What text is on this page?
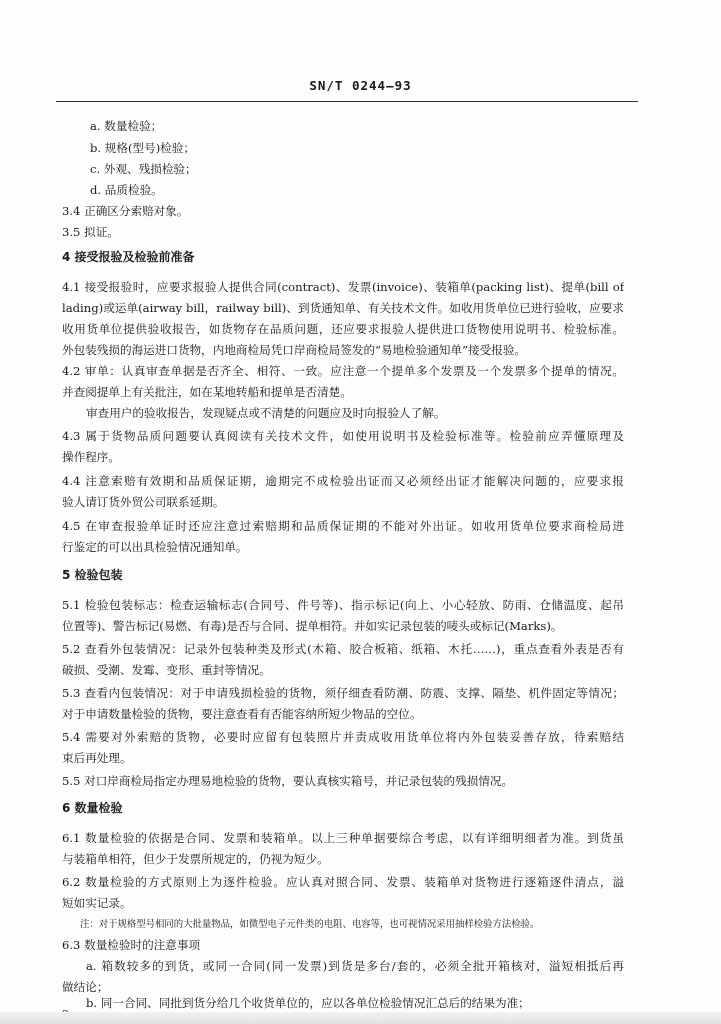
SN/T 0244—93
a. 数量检验；
b. 规格(型号)检验；
c. 外观、残损检验；
d. 品质检验。
3.4 正确区分索赔对象。
3.5 拟证。
4 接受报验及检验前准备
4.1 接受报验时，应要求报验人提供合同(contract)、发票(invoice)、装箱单(packing list)、提单(bill of
lading)或运单(airway bill，railway bill)、到货通知单、有关技术文件。如收用货单位已进行验收，应要求
收用货单位提供验收报告，如货物存在品质问题，还应要求报验人提供进口货物使用说明书、检验标准。
外包装残损的海运进口货物，内地商检局凭口岸商检局签发的“易地检验通知单”接受报验。
4.2 审单：认真审查单据是否齐全、相符、一致。应注意一个提单多个发票及一个发票多个提单的情况。
并查阅提单上有关批注，如在某地转船和提单是否清楚。
审查用户的验收报告，发现疑点或不清楚的问题应及时向报验人了解。
4.3 属于货物品质问题要认真阅读有关技术文件，如使用说明书及检验标准等。检验前应弄懂原理及
操作程序。
4.4 注意索赔有效期和品质保证期，逾期完不成检验出证而又必须经出证才能解决问题的，应要求报
验人请订货外贸公司联系延期。
4.5 在审查报验单证时还应注意过索赔期和品质保证期的不能对外出证。如收用货单位要求商检局进
行鉴定的可以出具检验情况通知单。
5 检验包装
5.1 检验包装标志：检查运输标志(合同号、件号等)、指示标记(向上、小心轻放、防雨、仓储温度、起吊
位置等)、警告标记(易燃、有毒)是否与合同、提单相符。并如实记录包装的唛头或标记(Marks)。
5.2 查看外包装情况：记录外包装种类及形式(木箱、胶合板箱、纸箱、木托……)，重点查看外表是否有
破损、受潮、发霉、变形、重封等情况。
5.3 查看内包装情况：对于申请残损检验的货物，须仔细查看防潮、防震、支撑、隔垫、机件固定等情况；
对于申请数量检验的货物，要注意查看有否能容纳所短少物品的空位。
5.4 需要对外索赔的货物，必要时应留有包装照片并责成收用货单位将内外包装妥善存放，待索赔结
束后再处理。
5.5 对口岸商检局指定办理易地检验的货物，要认真核实箱号，并记录包装的残损情况。
6 数量检验
6.1 数量检验的依据是合同、发票和装箱单。以上三种单据要综合考虑，以有详细明细者为准。到货虽
与装箱单相符，但少于发票所规定的，仍视为短少。
6.2 数量检验的方式原则上为逐件检验。应认真对照合同、发票、装箱单对货物进行逐箱逐件清点，溢
短如实记录。
注：对于规格型号相同的大批量物品，如微型电子元件类的电阻、电容等，也可视情况采用抽样检验方法检验。
6.3 数量检验时的注意事项
a. 箱数较多的到货，或同一合同(同一发票)到货是多台/套的，必须全批开箱核对，溢短相抵后再
做结论；
b. 同一合同、同批到货分给几个收货单位的，应以各单位检验情况汇总后的结果为准；
